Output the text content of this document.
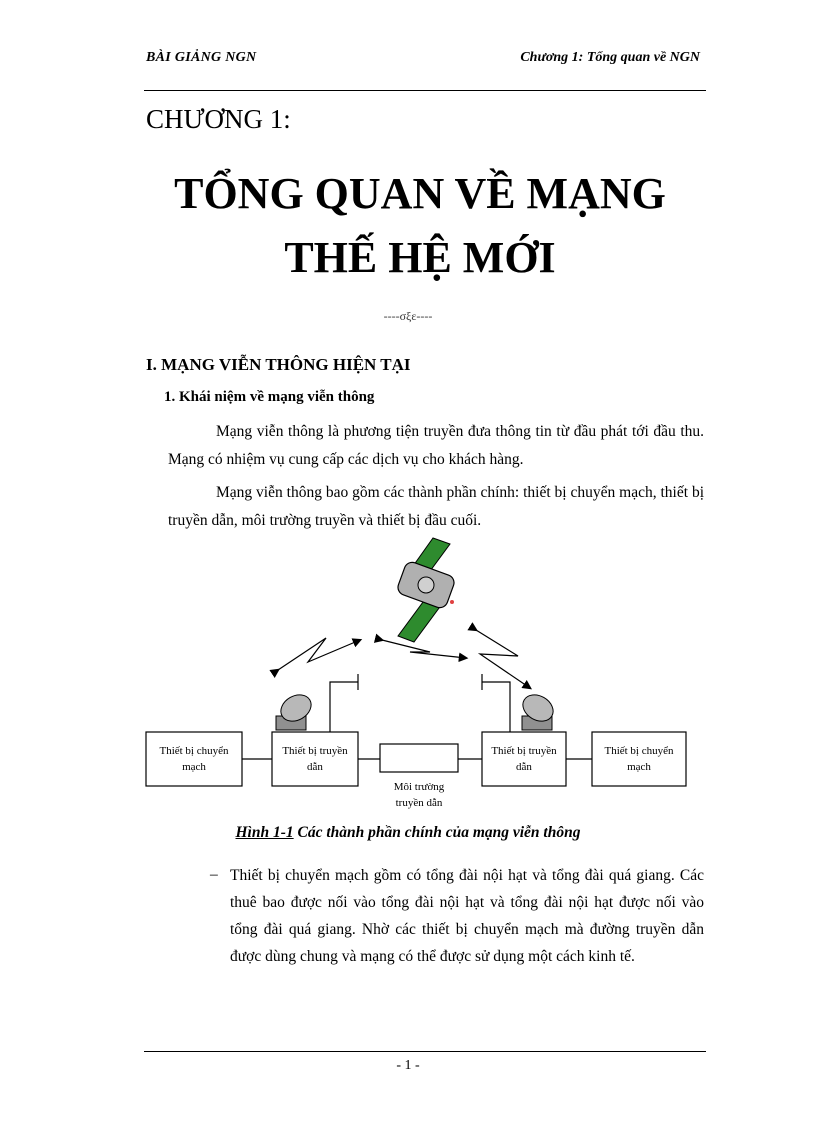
BÀI GIẢNG NGN	Chương 1: Tổng quan về NGN
CHƯƠNG 1:
TỔNG QUAN VỀ MẠNG
THẾ HỆ MỚI
----σξε----
I. MẠNG VIỄN THÔNG HIỆN TẠI
1. Khái niệm về mạng viễn thông

Mạng viễn thông là phương tiện truyền đưa thông tin từ đầu phát tới đầu thu. Mạng có nhiệm vụ cung cấp các dịch vụ cho khách hàng.

Mạng viễn thông bao gồm các thành phần chính: thiết bị chuyển mạch, thiết bị truyền dẫn, môi trường truyền và thiết bị đầu cuối.

Thiết bị chuyển
mạch
Thiết bị truyền
dẫn
Môi trường
truyền dẫn
Thiết bị truyền
dẫn
Thiết bị chuyển
mạch
Hình 1-1 Các thành phần chính của mạng viễn thông
– Thiết bị chuyển mạch gồm có tổng đài nội hạt và tổng đài quá giang. Các thuê bao được nối vào tổng đài nội hạt và tổng đài nội hạt được nối vào tổng đài quá giang. Nhờ các thiết bị chuyển mạch mà đường truyền dẫn được dùng chung và mạng có thể được sử dụng một cách kinh tế.

- 1 -
